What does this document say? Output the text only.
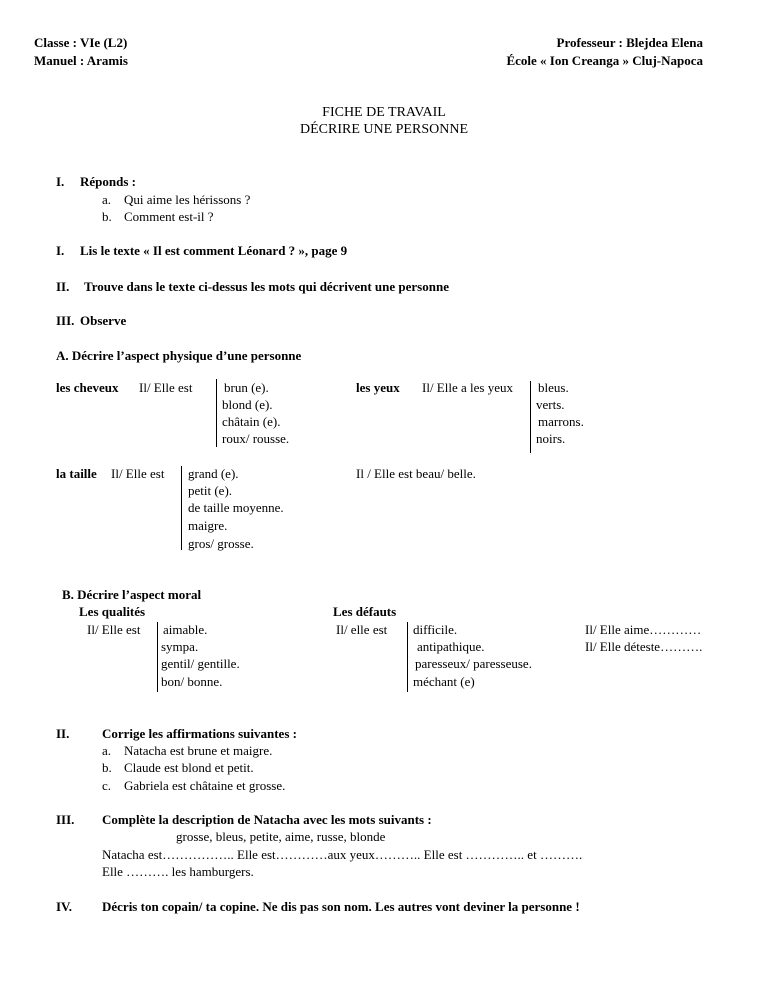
Classe : VIe (L2)
Manuel : Aramis
Professeur : Blejdea Elena
École « Ion Creanga » Cluj-Napoca
FICHE DE TRAVAIL
DÉCRIRE UNE PERSONNE
I. Réponds :
a. Qui aime les hérissons ?
b. Comment est-il ?
I. Lis le texte « Il est comment Léonard ? », page 9
II. Trouve dans le texte ci-dessus les mots qui décrivent une personne
III. Observe
A. Décrire l’aspect physique d’une personne
les cheveux Il/ Elle est brun (e).
blond (e).
châtain (e).
roux/ rousse.
les yeux Il/ Elle a les yeux bleus.
verts.
marrons.
noirs.
la taille Il/ Elle est grand (e).
petit (e).
de taille moyenne.
maigre.
gros/ grosse.
Il / Elle est beau/ belle.
B. Décrire l’aspect moral
Les qualités	Les défauts
Il/ Elle est aimable.
sympa.
gentil/ gentille.
bon/ bonne.
Il/ elle est difficile.
antipathique.
paresseux/ paresseuse.
méchant (e)
Il/ Elle aime…………
Il/ Elle déteste……….
II.	Corrige les affirmations suivantes :
a. Natacha est brune et maigre.
b. Claude est blond et petit.
c. Gabriela est châtaine et grosse.
III. Complète la description de Natacha avec les mots suivants :
grosse, bleus, petite, aime, russe, blonde
Natacha est…………….. Elle est…………aux yeux……….. Elle est ………….. et ……….
Elle ………. les hamburgers.
IV. Décris ton copain/ ta copine. Ne dis pas son nom. Les autres vont deviner la personne !
